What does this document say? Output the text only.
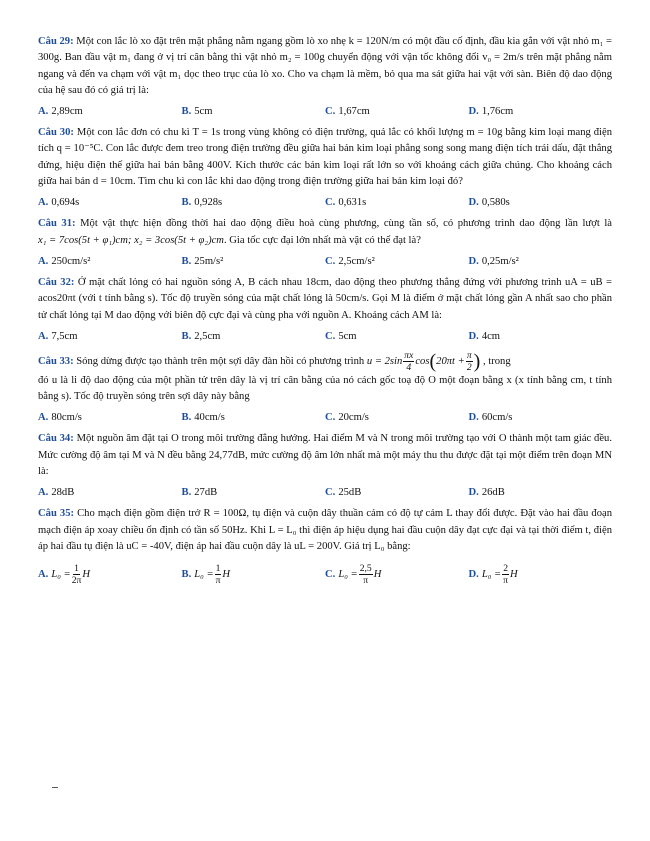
Câu 29: Một con lắc lò xo đặt trên mặt phẳng nằm ngang gồm lò xo nhẹ k = 120N/m có một đầu cố định, đầu kia gắn với vật nhỏ m₁ = 300g. Ban đầu vật m₁ đang ở vị trí cân bằng thì vật nhỏ m₂ = 100g chuyển động với vận tốc không đổi v₀ = 2m/s trên mặt phẳng nằm ngang và đến va chạm với vật m₁ dọc theo trục của lò xo. Cho va chạm là mềm, bỏ qua ma sát giữa hai vật với sàn. Biên độ dao động của hệ sau đó có giá trị là:

A. 2,89cm	B. 5cm	C. 1,67cm	D. 1,76cm

Câu 30: Một con lắc đơn có chu kì T = 1s trong vùng không có điện trường, quả lắc có khối lượng m = 10g bằng kim loại mang điện tích q = 10⁻⁵C. Con lắc được đem treo trong điện trường đều giữa hai bản kim loại phẳng song song mang điện tích trái dấu, đặt thẳng đứng, hiệu điện thế giữa hai bản bằng 400V. Kích thước các bản kim loại rất lớn so với khoảng cách giữa chúng. Cho khoảng cách giữa hai bản d = 10cm. Tìm chu kì con lắc khi dao động trong điện trường giữa hai bản kim loại đó?

A. 0,694s	B. 0,928s	C. 0,631s	D. 0,580s

Câu 31: Một vật thực hiện đồng thời hai dao động điều hoà cùng phương, cùng tần số, có phương trình dao động lần lượt là x₁ = 7cos(5t + φ₁)cm; x₂ = 3cos(5t + φ₂)cm. Gia tốc cực đại lớn nhất mà vật có thể đạt là?

A. 250cm/s²	B. 25m/s²	C. 2,5cm/s²	D. 0,25m/s²

Câu 32: Ở mặt chất lỏng có hai nguồn sóng A, B cách nhau 18cm, dao động theo phương thẳng đứng với phương trình uA = uB = acos20πt (với t tính bằng s). Tốc độ truyền sóng của mặt chất lỏng là 50cm/s. Gọi M là điểm ở mặt chất lỏng gần A nhất sao cho phần tử chất lỏng tại M dao động với biên độ cực đại và cùng pha với nguồn A. Khoảng cách AM là:

A. 7,5cm	B. 2,5cm	C. 5cm	D. 4cm
Câu 33: Sóng dừng được tạo thành trên một sợi dây đàn hồi có phương trình $u = 2\sin \frac{\pi x}{4} \cos(20\pi t + \frac{\pi}{2}$ ) , trong

đó u là li độ dao động của một phần tử trên dây là vị trí cân bằng của nó cách gốc toạ độ O một đoạn bằng x (x tính bằng cm, t tính bằng s). Tốc độ truyền sóng trên sợi dây này bằng

A. 80cm/s	B. 40cm/s	C. 20cm/s	D. 60cm/s

Câu 34: Một nguồn âm đặt tại O trong môi trường đẳng hướng. Hai điểm M và N trong môi trường tạo với O thành một tam giác đều. Mức cường độ âm tại M và N đều bằng 24,77dB, mức cường độ âm lớn nhất mà một máy thu thu được đặt tại một điểm trên đoạn MN là:

A. 28dB	B. 27dB	C. 25dB	D. 26dB

Câu 35: Cho mạch điện gồm điện trở R = 100Ω, tụ điện và cuộn dây thuần cảm có độ tự cảm L thay đổi được. Đặt vào hai đầu đoạn mạch điện áp xoay chiều ổn định có tần số 50Hz. Khi L = L₀ thì điện áp hiệu dụng hai đầu cuộn dây đạt cực đại và tại thời điểm t, điện áp hai đầu tụ điện là uC = -40V, điện áp hai đầu cuộn dây là uL = 200V. Giá trị L₀ bằng:

A. $L_0 = \frac{1}{2\pi}$ H	B. $L_0 = \frac{1}{\pi}$ H	C. $L_0 = \frac{2,5}{\pi}$ H	D. $L_0 = \frac{2}{\pi}$ H
